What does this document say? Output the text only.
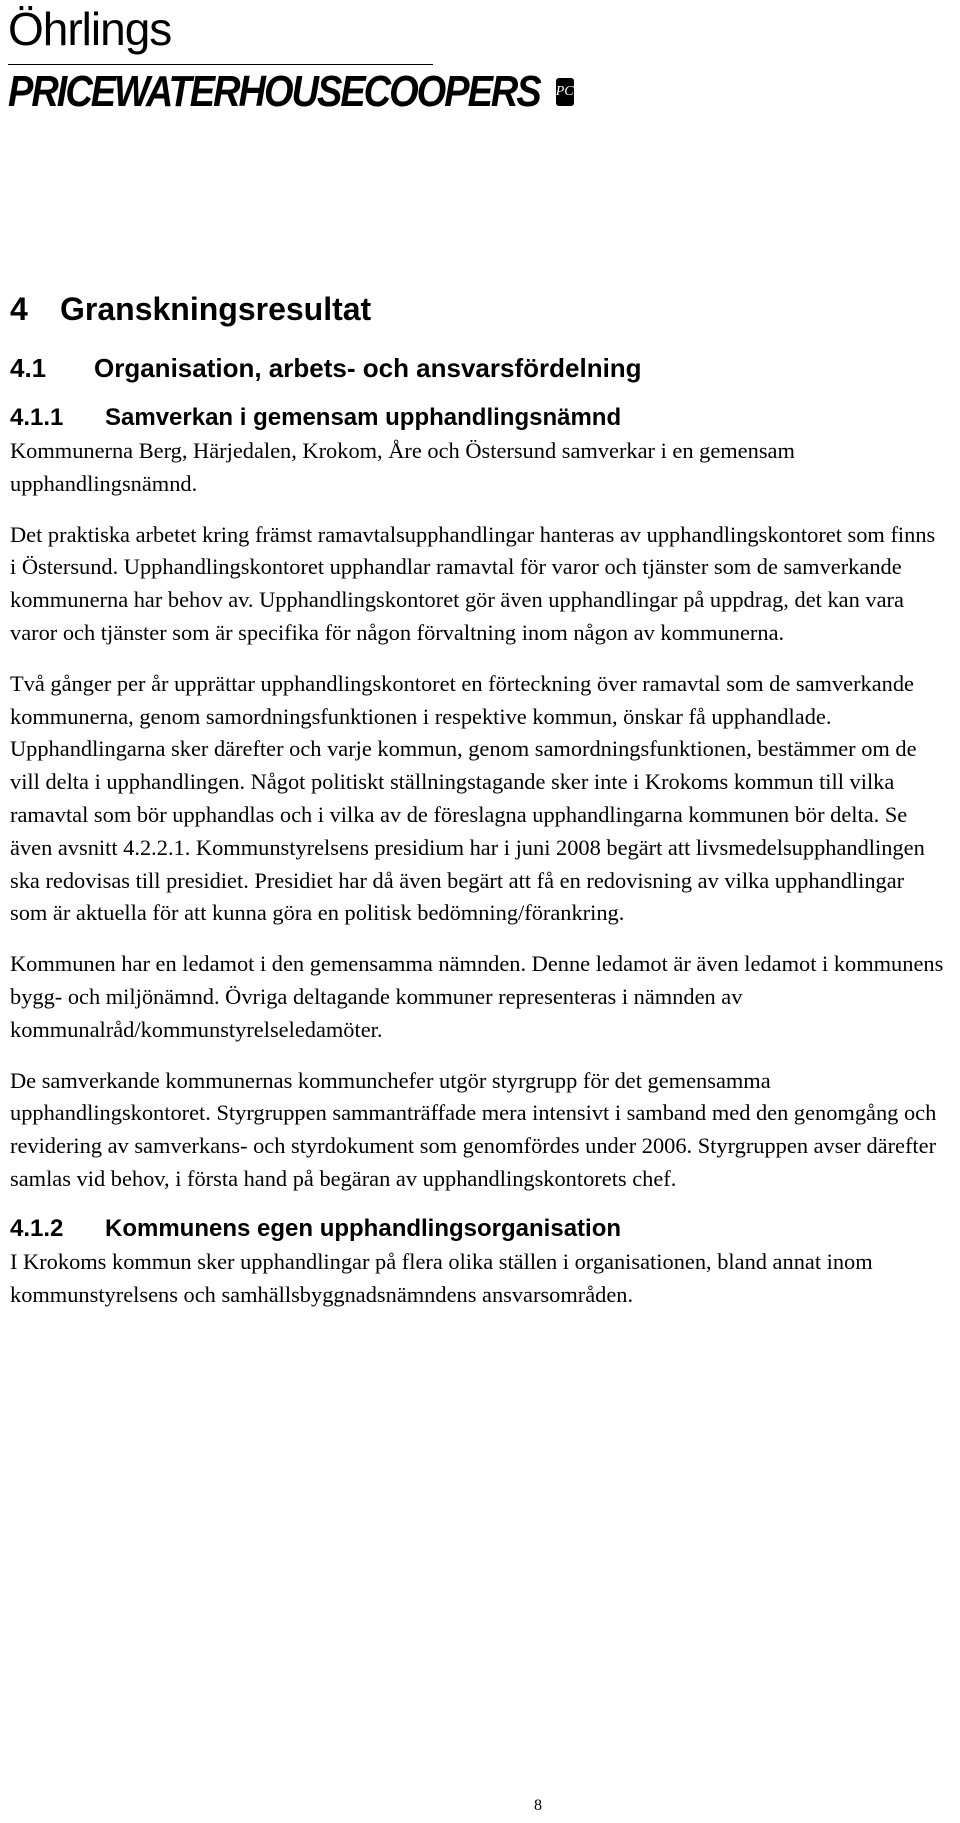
Öhrlings
PRICEWATERHOUSECOOPERS PC
4 Granskningsresultat
4.1 Organisation, arbets- och ansvarsfördelning
4.1.1 Samverkan i gemensam upphandlingsnämnd

Kommunerna Berg, Härjedalen, Krokom, Åre och Östersund samverkar i en gemensam upphandlingsnämnd.

Det praktiska arbetet kring främst ramavtalsupphandlingar hanteras av upphandlingskontoret som finns i Östersund. Upphandlingskontoret upphandlar ramavtal för varor och tjänster som de samverkande kommunerna har behov av. Upphandlingskontoret gör även upphandlingar på uppdrag, det kan vara varor och tjänster som är specifika för någon förvaltning inom någon av kommunerna.

Två gånger per år upprättar upphandlingskontoret en förteckning över ramavtal som de samverkande kommunerna, genom samordningsfunktionen i respektive kommun, önskar få upphandlade. Upphandlingarna sker därefter och varje kommun, genom samordningsfunktionen, bestämmer om de vill delta i upphandlingen. Något politiskt ställningstagande sker inte i Krokoms kommun till vilka ramavtal som bör upphandlas och i vilka av de föreslagna upphandlingarna kommunen bör delta. Se även avsnitt 4.2.2.1. Kommunstyrelsens presidium har i juni 2008 begärt att livsmedelsupphandlingen ska redovisas till presidiet. Presidiet har då även begärt att få en redovisning av vilka upphandlingar som är aktuella för att kunna göra en politisk bedömning/förankring.

Kommunen har en ledamot i den gemensamma nämnden. Denne ledamot är även ledamot i kommunens bygg- och miljönämnd. Övriga deltagande kommuner representeras i nämnden av kommunalråd/kommunstyrelseledamöter.

De samverkande kommunernas kommunchefer utgör styrgrupp för det gemensamma upphandlingskontoret. Styrgruppen sammanträffade mera intensivt i samband med den genomgång och revidering av samverkans- och styrdokument som genomfördes under 2006. Styrgruppen avser därefter samlas vid behov, i första hand på begäran av upphandlingskontorets chef.

4.1.2 Kommunens egen upphandlingsorganisation

I Krokoms kommun sker upphandlingar på flera olika ställen i organisationen, bland annat inom kommunstyrelsens och samhällsbyggnadsnämndens ansvarsområden.

8
